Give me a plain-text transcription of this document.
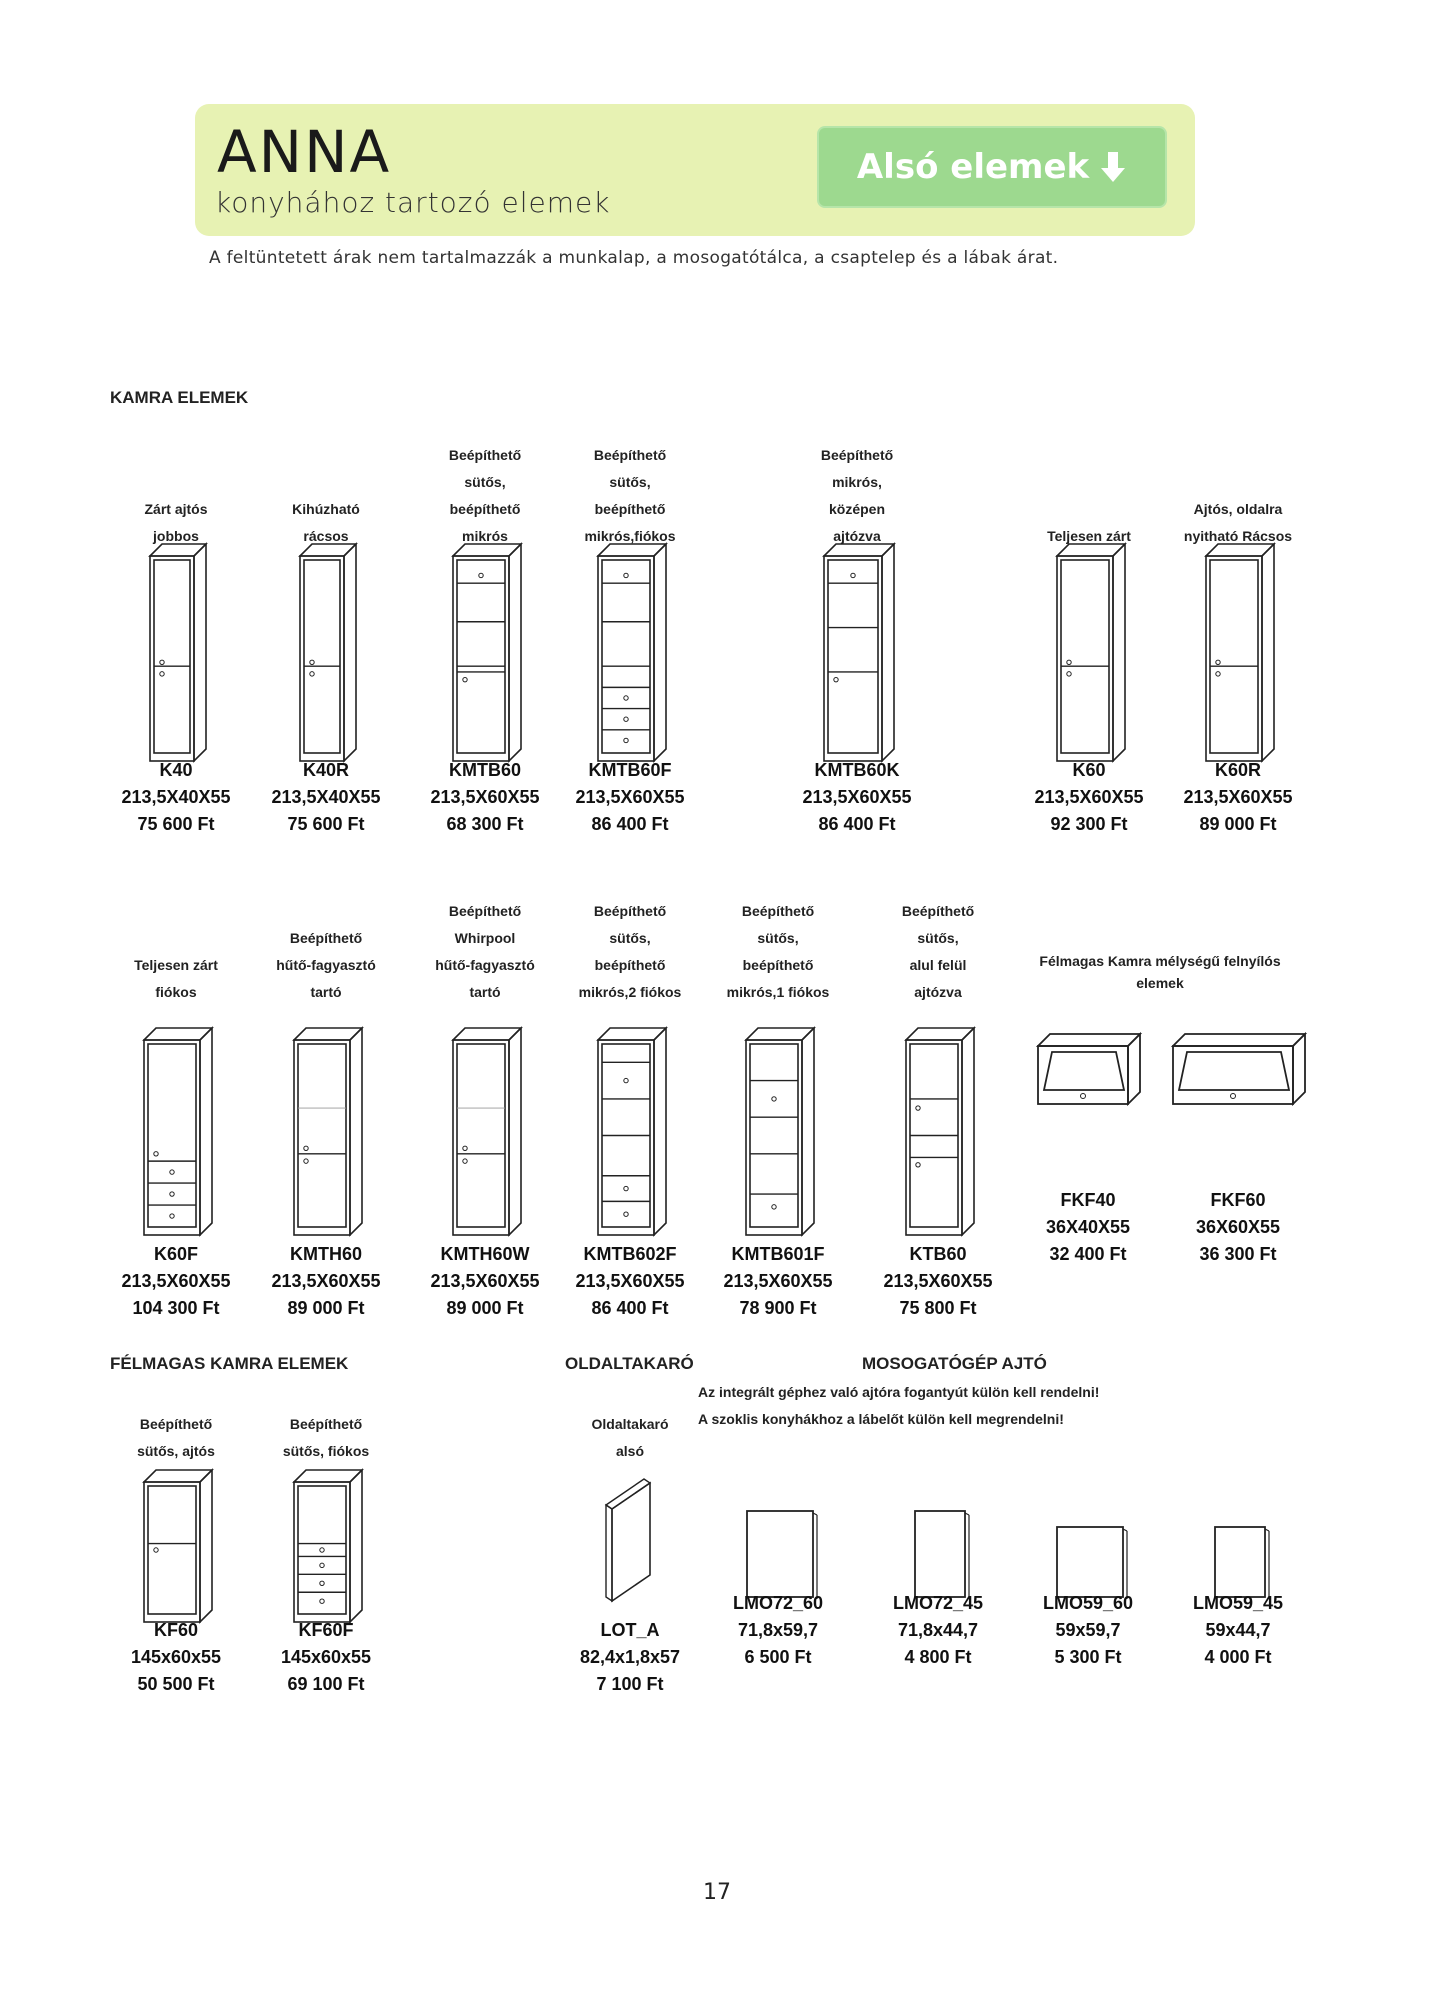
ANNA
konyhához tartozó elemek
Alsó elemek
A feltüntetett árak nem tartalmazzák a munkalap, a mosogatótálca, a csaptelep és a lábak árat.
KAMRA ELEMEK
FÉLMAGAS KAMRA ELEMEK	OLDALTAKARÓ	MOSOGATÓGÉP AJTÓ
Az integrált géphez való ajtóra fogantyút külön kell rendelni!
A szoklis konyhákhoz a lábelőt külön kell megrendelni!
Zárt ajtós
jobbos
K40
213,5X40X55
75 600 Ft
Kihúzható
rácsos
K40R
213,5X40X55
75 600 Ft
Beépíthető
sütős,
beépíthető
mikrós
KMTB60
213,5X60X55
68 300 Ft
Beépíthető
sütős,
beépíthető
mikrós,fiókos
KMTB60F
213,5X60X55
86 400 Ft
Beépíthető
mikrós,
középen
ajtózva
KMTB60K
213,5X60X55
86 400 Ft
Teljesen zárt
K60
213,5X60X55
92 300 Ft
Ajtós, oldalra
nyitható Rácsos
K60R
213,5X60X55
89 000 Ft
Teljesen zárt
fiókos
K60F
213,5X60X55
104 300 Ft
Beépíthető
hűtő-fagyasztó
tartó
KMTH60
213,5X60X55
89 000 Ft
Beépíthető
Whirpool
hűtő-fagyasztó
tartó
KMTH60W
213,5X60X55
89 000 Ft
Beépíthető
sütős,
beépíthető
mikrós,2 fiókos
KMTB602F
213,5X60X55
86 400 Ft
Beépíthető
sütős,
beépíthető
mikrós,1 fiókos
KMTB601F
213,5X60X55
78 900 Ft
Beépíthető
sütős,
alul felül
ajtózva
KTB60
213,5X60X55
75 800 Ft
Félmagas Kamra mélységű felnyílós
elemek
FKF40
36X40X55
32 400 Ft
FKF60
36X60X55
36 300 Ft
Beépíthető
sütős, ajtós
KF60
145x60x55
50 500 Ft
Beépíthető
sütős, fiókos
KF60F
145x60x55
69 100 Ft
Oldaltakaró
alsó
LOT_A
82,4x1,8x57
7 100 Ft
LMO72_60
71,8x59,7
6 500 Ft
LMO72_45
71,8x44,7
4 800 Ft
LMO59_60
59x59,7
5 300 Ft
LMO59_45
59x44,7
4 000 Ft
17
